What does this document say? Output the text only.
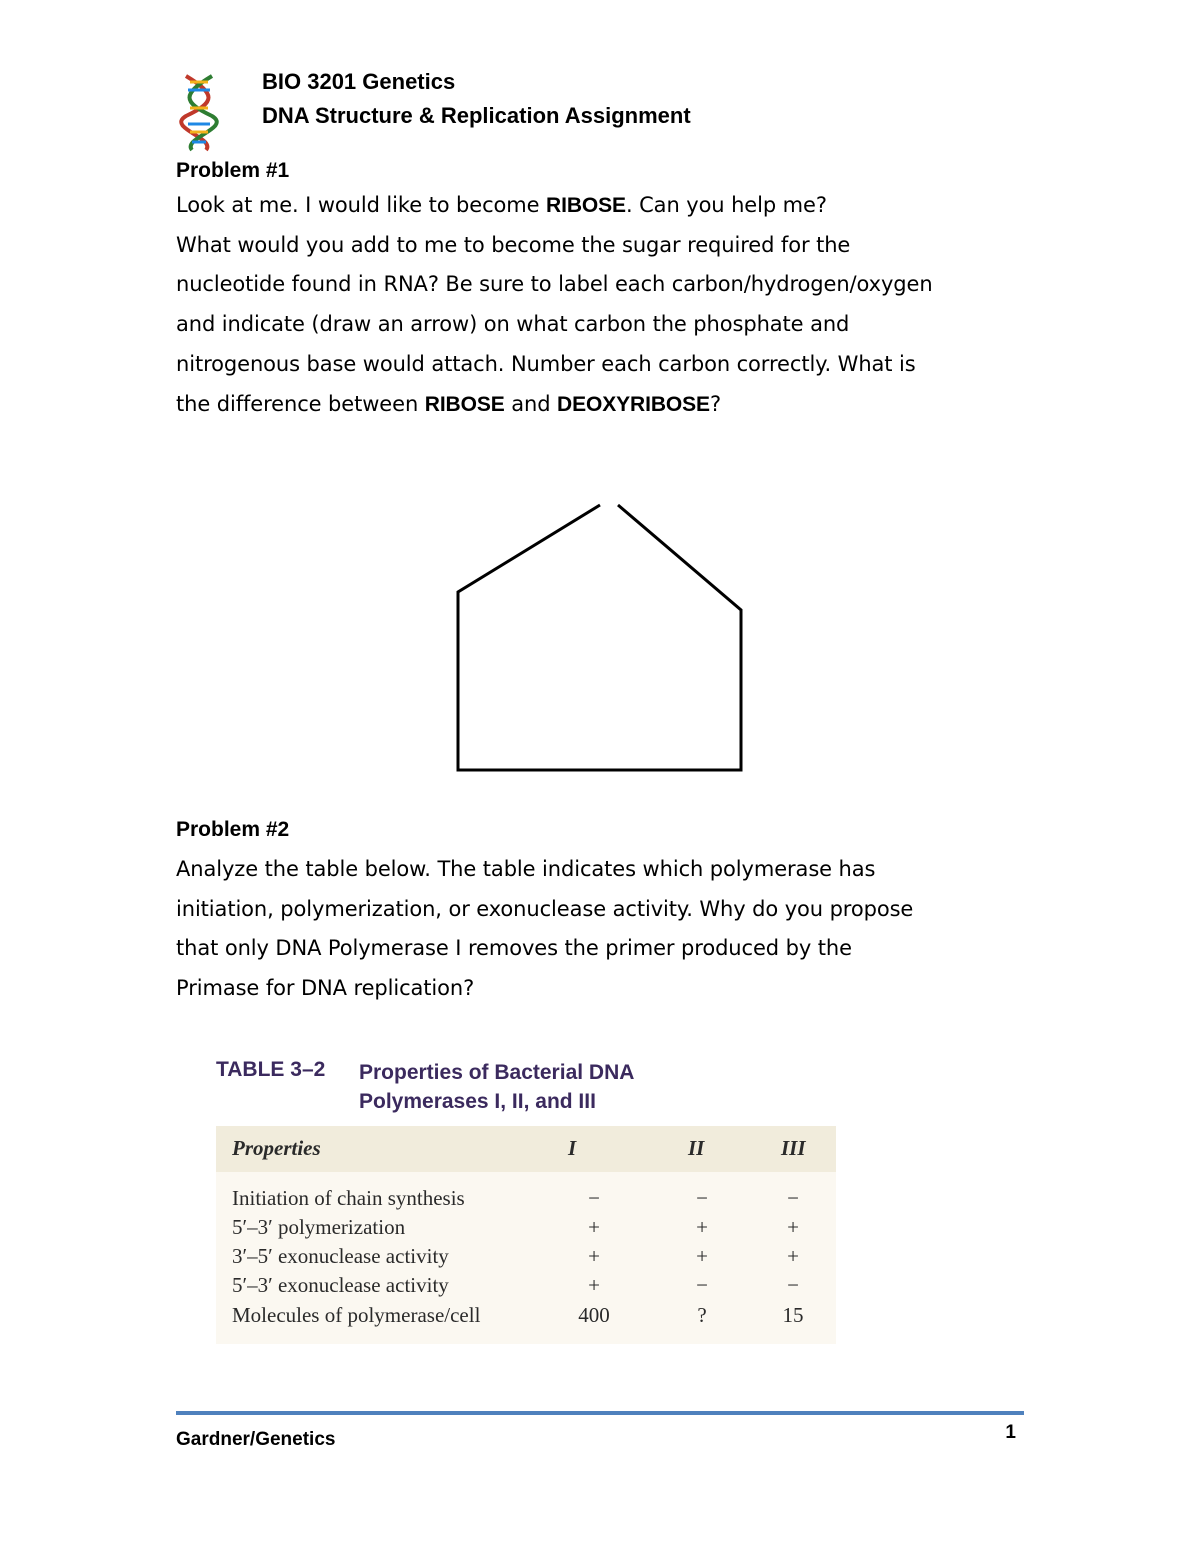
BIO 3201 Genetics
DNA Structure & Replication Assignment
Problem #1
Look at me. I would like to become RIBOSE. Can you help me?
What would you add to me to become the sugar required for the
nucleotide found in RNA? Be sure to label each carbon/hydrogen/oxygen
and indicate (draw an arrow) on what carbon the phosphate and
nitrogenous base would attach. Number each carbon correctly. What is
the difference between RIBOSE and DEOXYRIBOSE?
Problem #2
Analyze the table below. The table indicates which polymerase has
initiation, polymerization, or exonuclease activity. Why do you propose
that only DNA Polymerase I removes the primer produced by the
Primase for DNA replication?
TABLE 3–2 Properties of Bacterial DNA
Polymerases I, II, and III
Properties	I	II	III
Initiation of chain synthesis	−	−	−
5′–3′ polymerization	+	+	+
3′–5′ exonuclease activity	+	+	+
5′–3′ exonuclease activity	+	−	−
Molecules of polymerase/cell	400	?	15
Gardner/Genetics	1
